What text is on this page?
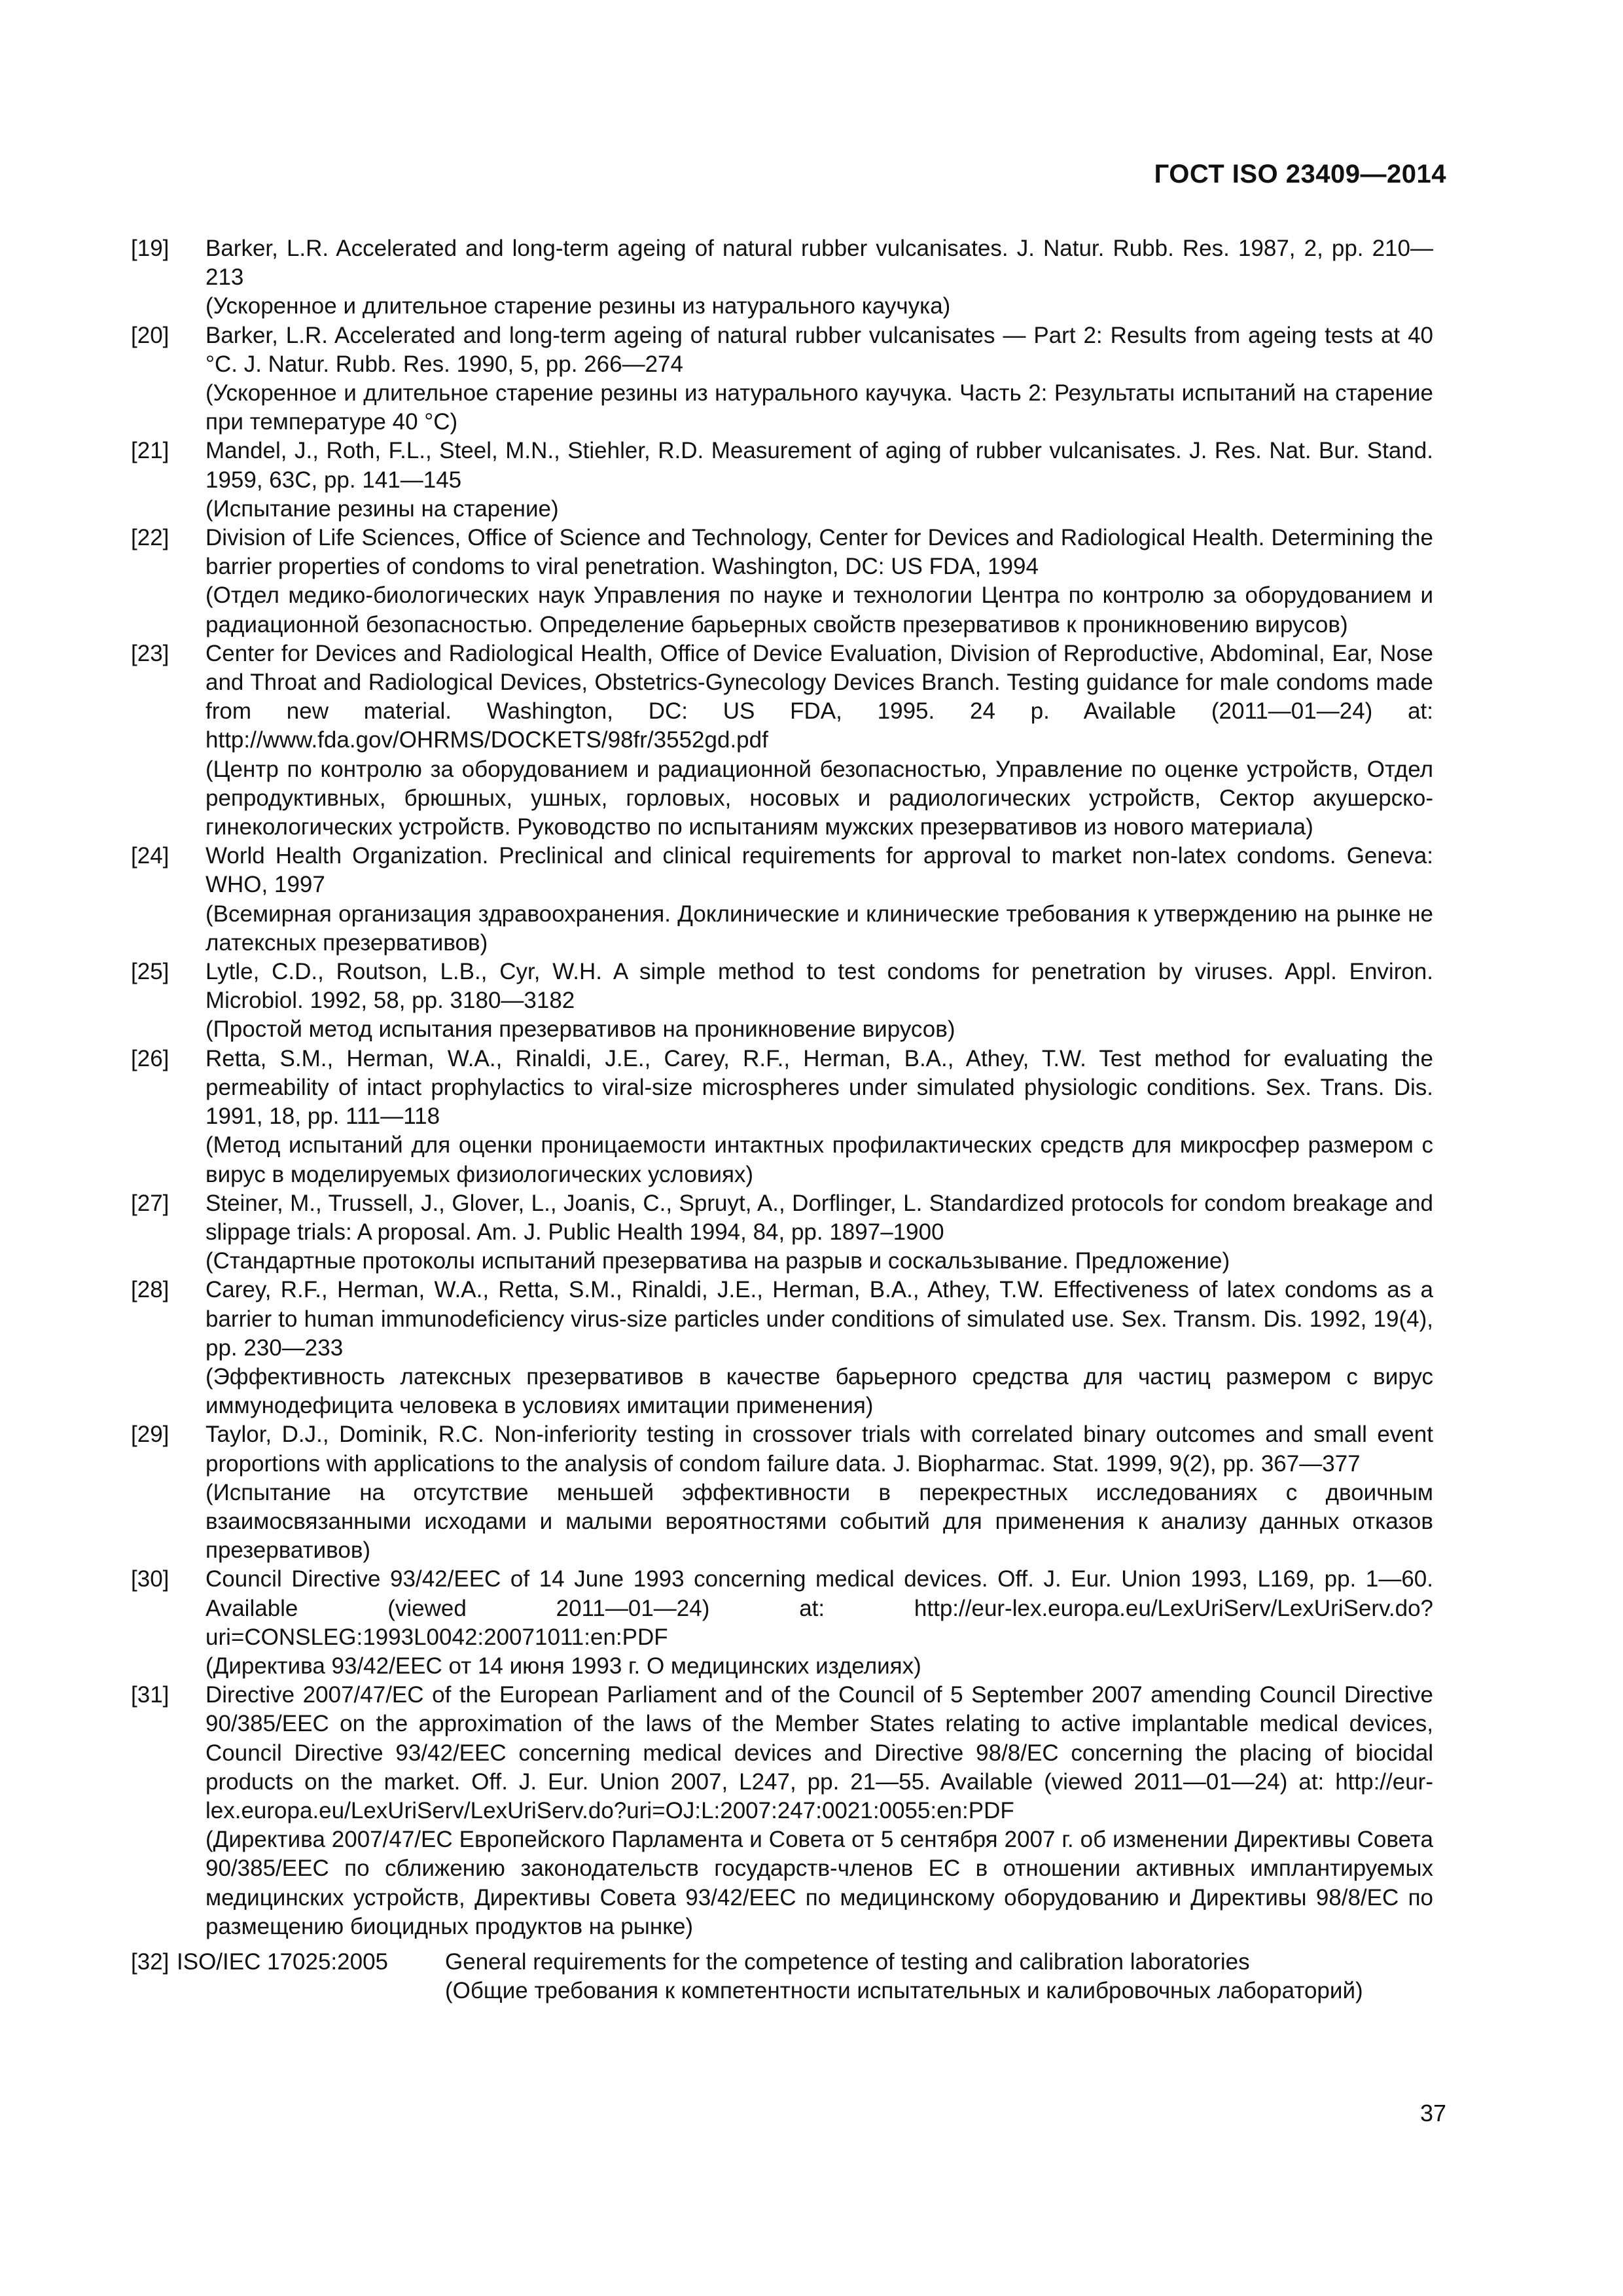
ГОСТ ISO 23409—2014
[19] Barker, L.R. Accelerated and long-term ageing of natural rubber vulcanisates. J. Natur. Rubb. Res. 1987, 2, pp. 210—213
(Ускоренное и длительное старение резины из натурального каучука)
[20] Barker, L.R. Accelerated and long-term ageing of natural rubber vulcanisates — Part 2: Results from ageing tests at 40 °C. J. Natur. Rubb. Res. 1990, 5, pp. 266—274
(Ускоренное и длительное старение резины из натурального каучука. Часть 2: Результаты испытаний на старение при температуре 40 °С)
[21] Mandel, J., Roth, F.L., Steel, M.N., Stiehler, R.D. Measurement of aging of rubber vulcanisates. J. Res. Nat. Bur. Stand. 1959, 63C, pp. 141—145
(Испытание резины на старение)
[22] Division of Life Sciences, Office of Science and Technology, Center for Devices and Radiological Health. Determining the barrier properties of condoms to viral penetration. Washington, DC: US FDA, 1994
(Отдел медико-биологических наук Управления по науке и технологии Центра по контролю за оборудованием и радиационной безопасностью. Определение барьерных свойств презервативов к проникновению вирусов)
[23] Center for Devices and Radiological Health, Office of Device Evaluation, Division of Reproductive, Abdominal, Ear, Nose and Throat and Radiological Devices, Obstetrics-Gynecology Devices Branch. Testing guidance for male condoms made from new material. Washington, DC: US FDA, 1995. 24 p. Available (2011—01—24) at: http://www.fda.gov/OHRMS/DOCKETS/98fr/3552gd.pdf
(Центр по контролю за оборудованием и радиационной безопасностью, Управление по оценке устройств, Отдел репродуктивных, брюшных, ушных, горловых, носовых и радиологических устройств, Сектор акушерско-гинекологических устройств. Руководство по испытаниям мужских презервативов из нового материала)
[24] World Health Organization. Preclinical and clinical requirements for approval to market non-latex condoms. Geneva: WHO, 1997
(Всемирная организация здравоохранения. Доклинические и клинические требования к утверждению на рынке не латексных презервативов)
[25] Lytle, C.D., Routson, L.B., Cyr, W.H. A simple method to test condoms for penetration by viruses. Appl. Environ. Microbiol. 1992, 58, pp. 3180—3182
(Простой метод испытания презервативов на проникновение вирусов)
[26] Retta, S.M., Herman, W.A., Rinaldi, J.E., Carey, R.F., Herman, B.A., Athey, T.W. Test method for evaluating the permeability of intact prophylactics to viral-size microspheres under simulated physiologic conditions. Sex. Trans. Dis. 1991, 18, pp. 111—118
(Метод испытаний для оценки проницаемости интактных профилактических средств для микросфер размером с вирус в моделируемых физиологических условиях)
[27] Steiner, M., Trussell, J., Glover, L., Joanis, C., Spruyt, A., Dorflinger, L. Standardized protocols for condom breakage and slippage trials: A proposal. Am. J. Public Health 1994, 84, pp. 1897–1900
(Стандартные протоколы испытаний презерватива на разрыв и соскальзывание. Предложение)
[28] Carey, R.F., Herman, W.A., Retta, S.M., Rinaldi, J.E., Herman, B.A., Athey, T.W. Effectiveness of latex condoms as a barrier to human immunodeficiency virus-size particles under conditions of simulated use. Sex. Transm. Dis. 1992, 19(4), pp. 230—233
(Эффективность латексных презервативов в качестве барьерного средства для частиц размером с вирус иммунодефицита человека в условиях имитации применения)
[29] Taylor, D.J., Dominik, R.C. Non-inferiority testing in crossover trials with correlated binary outcomes and small event proportions with applications to the analysis of condom failure data. J. Biopharmac. Stat. 1999, 9(2), pp. 367—377
(Испытание на отсутствие меньшей эффективности в перекрестных исследованиях с двоичным взаимосвязанными исходами и малыми вероятностями событий для применения к анализу данных отказов презервативов)
[30] Council Directive 93/42/EEC of 14 June 1993 concerning medical devices. Off. J. Eur. Union 1993, L169, pp. 1—60. Available (viewed 2011—01—24) at: http://eur-lex.europa.eu/LexUriServ/LexUriServ.do?uri=CONSLEG:1993L0042:20071011:en:PDF
(Директива 93/42/ЕЕС от 14 июня 1993 г. О медицинских изделиях)
[31] Directive 2007/47/EC of the European Parliament and of the Council of 5 September 2007 amending Council Directive 90/385/EEC on the approximation of the laws of the Member States relating to active implantable medical devices, Council Directive 93/42/EEC concerning medical devices and Directive 98/8/EC concerning the placing of biocidal products on the market. Off. J. Eur. Union 2007, L247, pp. 21—55. Available (viewed 2011—01—24) at: http://eur-lex.europa.eu/LexUriServ/LexUriServ.do?uri=OJ:L:2007:247:0021:0055:en:PDF
(Директива 2007/47/ЕС Европейского Парламента и Совета от 5 сентября 2007 г. об изменении Директивы Совета 90/385/ЕЕС по сближению законодательств государств-членов ЕС в отношении активных имплантируемых медицинских устройств, Директивы Совета 93/42/ЕЕС по медицинскому оборудованию и Директивы 98/8/ЕС по размещению биоцидных продуктов на рынке)
[32] ISO/IEC 17025:2005 General requirements for the competence of testing and calibration laboratories
(Общие требования к компетентности испытательных и калибровочных лабораторий)
37
